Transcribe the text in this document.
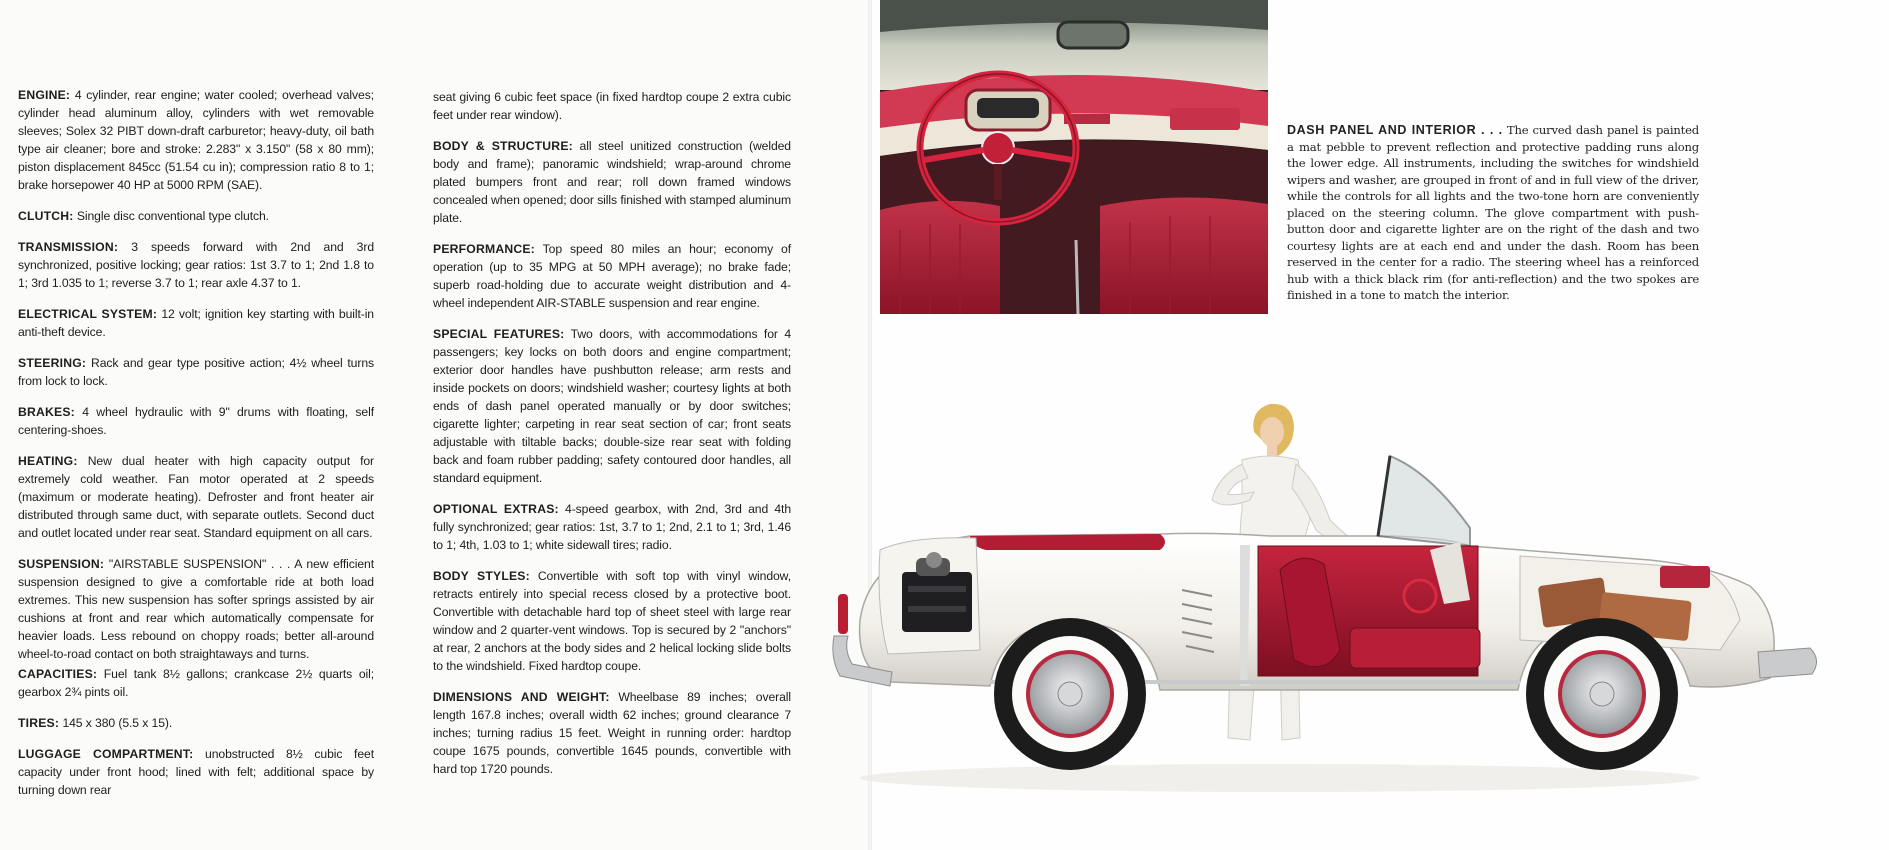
ENGINE: 4 cylinder, rear engine; water cooled; overhead valves; cylinder head aluminum alloy, cylinders with wet removable sleeves; Solex 32 PIBT down-draft carburetor; heavy-duty, oil bath type air cleaner; bore and stroke: 2.283" x 3.150" (58 x 80 mm); piston displacement 845cc (51.54 cu in); compression ratio 8 to 1; brake horsepower 40 HP at 5000 RPM (SAE).

CLUTCH: Single disc conventional type clutch.

TRANSMISSION: 3 speeds forward with 2nd and 3rd synchronized, positive locking; gear ratios: 1st 3.7 to 1; 2nd 1.8 to 1; 3rd 1.035 to 1; reverse 3.7 to 1; rear axle 4.37 to 1.

ELECTRICAL SYSTEM: 12 volt; ignition key starting with built-in anti-theft device.

STEERING: Rack and gear type positive action; 4½ wheel turns from lock to lock.

BRAKES: 4 wheel hydraulic with 9" drums with floating, self centering-shoes.

HEATING: New dual heater with high capacity output for extremely cold weather. Fan motor operated at 2 speeds (maximum or moderate heating). Defroster and front heater air distributed through same duct, with separate outlets. Second duct and outlet located under rear seat. Standard equipment on all cars.

SUSPENSION: "AIRSTABLE SUSPENSION" . . . A new efficient suspension designed to give a comfortable ride at both load extremes. This new suspension has softer springs assisted by air cushions at front and rear which automatically compensate for heavier loads. Less rebound on choppy roads; better all-around wheel-to-road contact on both straightaways and turns.

CAPACITIES: Fuel tank 8½ gallons; crankcase 2½ quarts oil; gearbox 2¾ pints oil.

TIRES: 145 x 380 (5.5 x 15).

LUGGAGE COMPARTMENT: unobstructed 8½ cubic feet capacity under front hood; lined with felt; additional space by turning down rear

seat giving 6 cubic feet space (in fixed hardtop coupe 2 extra cubic feet under rear window).

BODY & STRUCTURE: all steel unitized construction (welded body and frame); panoramic windshield; wrap-around chrome plated bumpers front and rear; roll down framed windows concealed when opened; door sills finished with stamped aluminum plate.

PERFORMANCE: Top speed 80 miles an hour; economy of operation (up to 35 MPG at 50 MPH average); no brake fade; superb road-holding due to accurate weight distribution and 4-wheel independent AIR-STABLE suspension and rear engine.

SPECIAL FEATURES: Two doors, with accommodations for 4 passengers; key locks on both doors and engine compartment; exterior door handles have pushbutton release; arm rests and inside pockets on doors; windshield washer; courtesy lights at both ends of dash panel operated manually or by door switches; cigarette lighter; carpeting in rear seat section of car; front seats adjustable with tiltable backs; double-size rear seat with folding back and foam rubber padding; safety contoured door handles, all standard equipment.

OPTIONAL EXTRAS: 4-speed gearbox, with 2nd, 3rd and 4th fully synchronized; gear ratios: 1st, 3.7 to 1; 2nd, 2.1 to 1; 3rd, 1.46 to 1; 4th, 1.03 to 1; white sidewall tires; radio.

BODY STYLES: Convertible with soft top with vinyl window, retracts entirely into special recess closed by a protective boot. Convertible with detachable hard top of sheet steel with large rear window and 2 quarter-vent windows. Top is secured by 2 "anchors" at rear, 2 anchors at the body sides and 2 helical locking slide bolts to the windshield. Fixed hardtop coupe.

DIMENSIONS AND WEIGHT: Wheelbase 89 inches; overall length 167.8 inches; overall width 62 inches; ground clearance 7 inches; turning radius 15 feet. Weight in running order: hardtop coupe 1675 pounds, convertible 1645 pounds, convertible with hard top 1720 pounds.

DASH PANEL AND INTERIOR . . . The curved dash panel is painted a mat pebble to prevent reflection and protective padding runs along the lower edge. All instruments, including the switches for windshield wipers and washer, are grouped in front of and in full view of the driver, while the controls for all lights and the two-tone horn are conveniently placed on the steering column. The glove compartment with push-button door and cigarette lighter are on the right of the dash and two courtesy lights are at each end and under the dash. Room has been reserved in the center for a radio. The steering wheel has a reinforced hub with a thick black rim (for anti-reflection) and the two spokes are finished in a tone to match the interior.
